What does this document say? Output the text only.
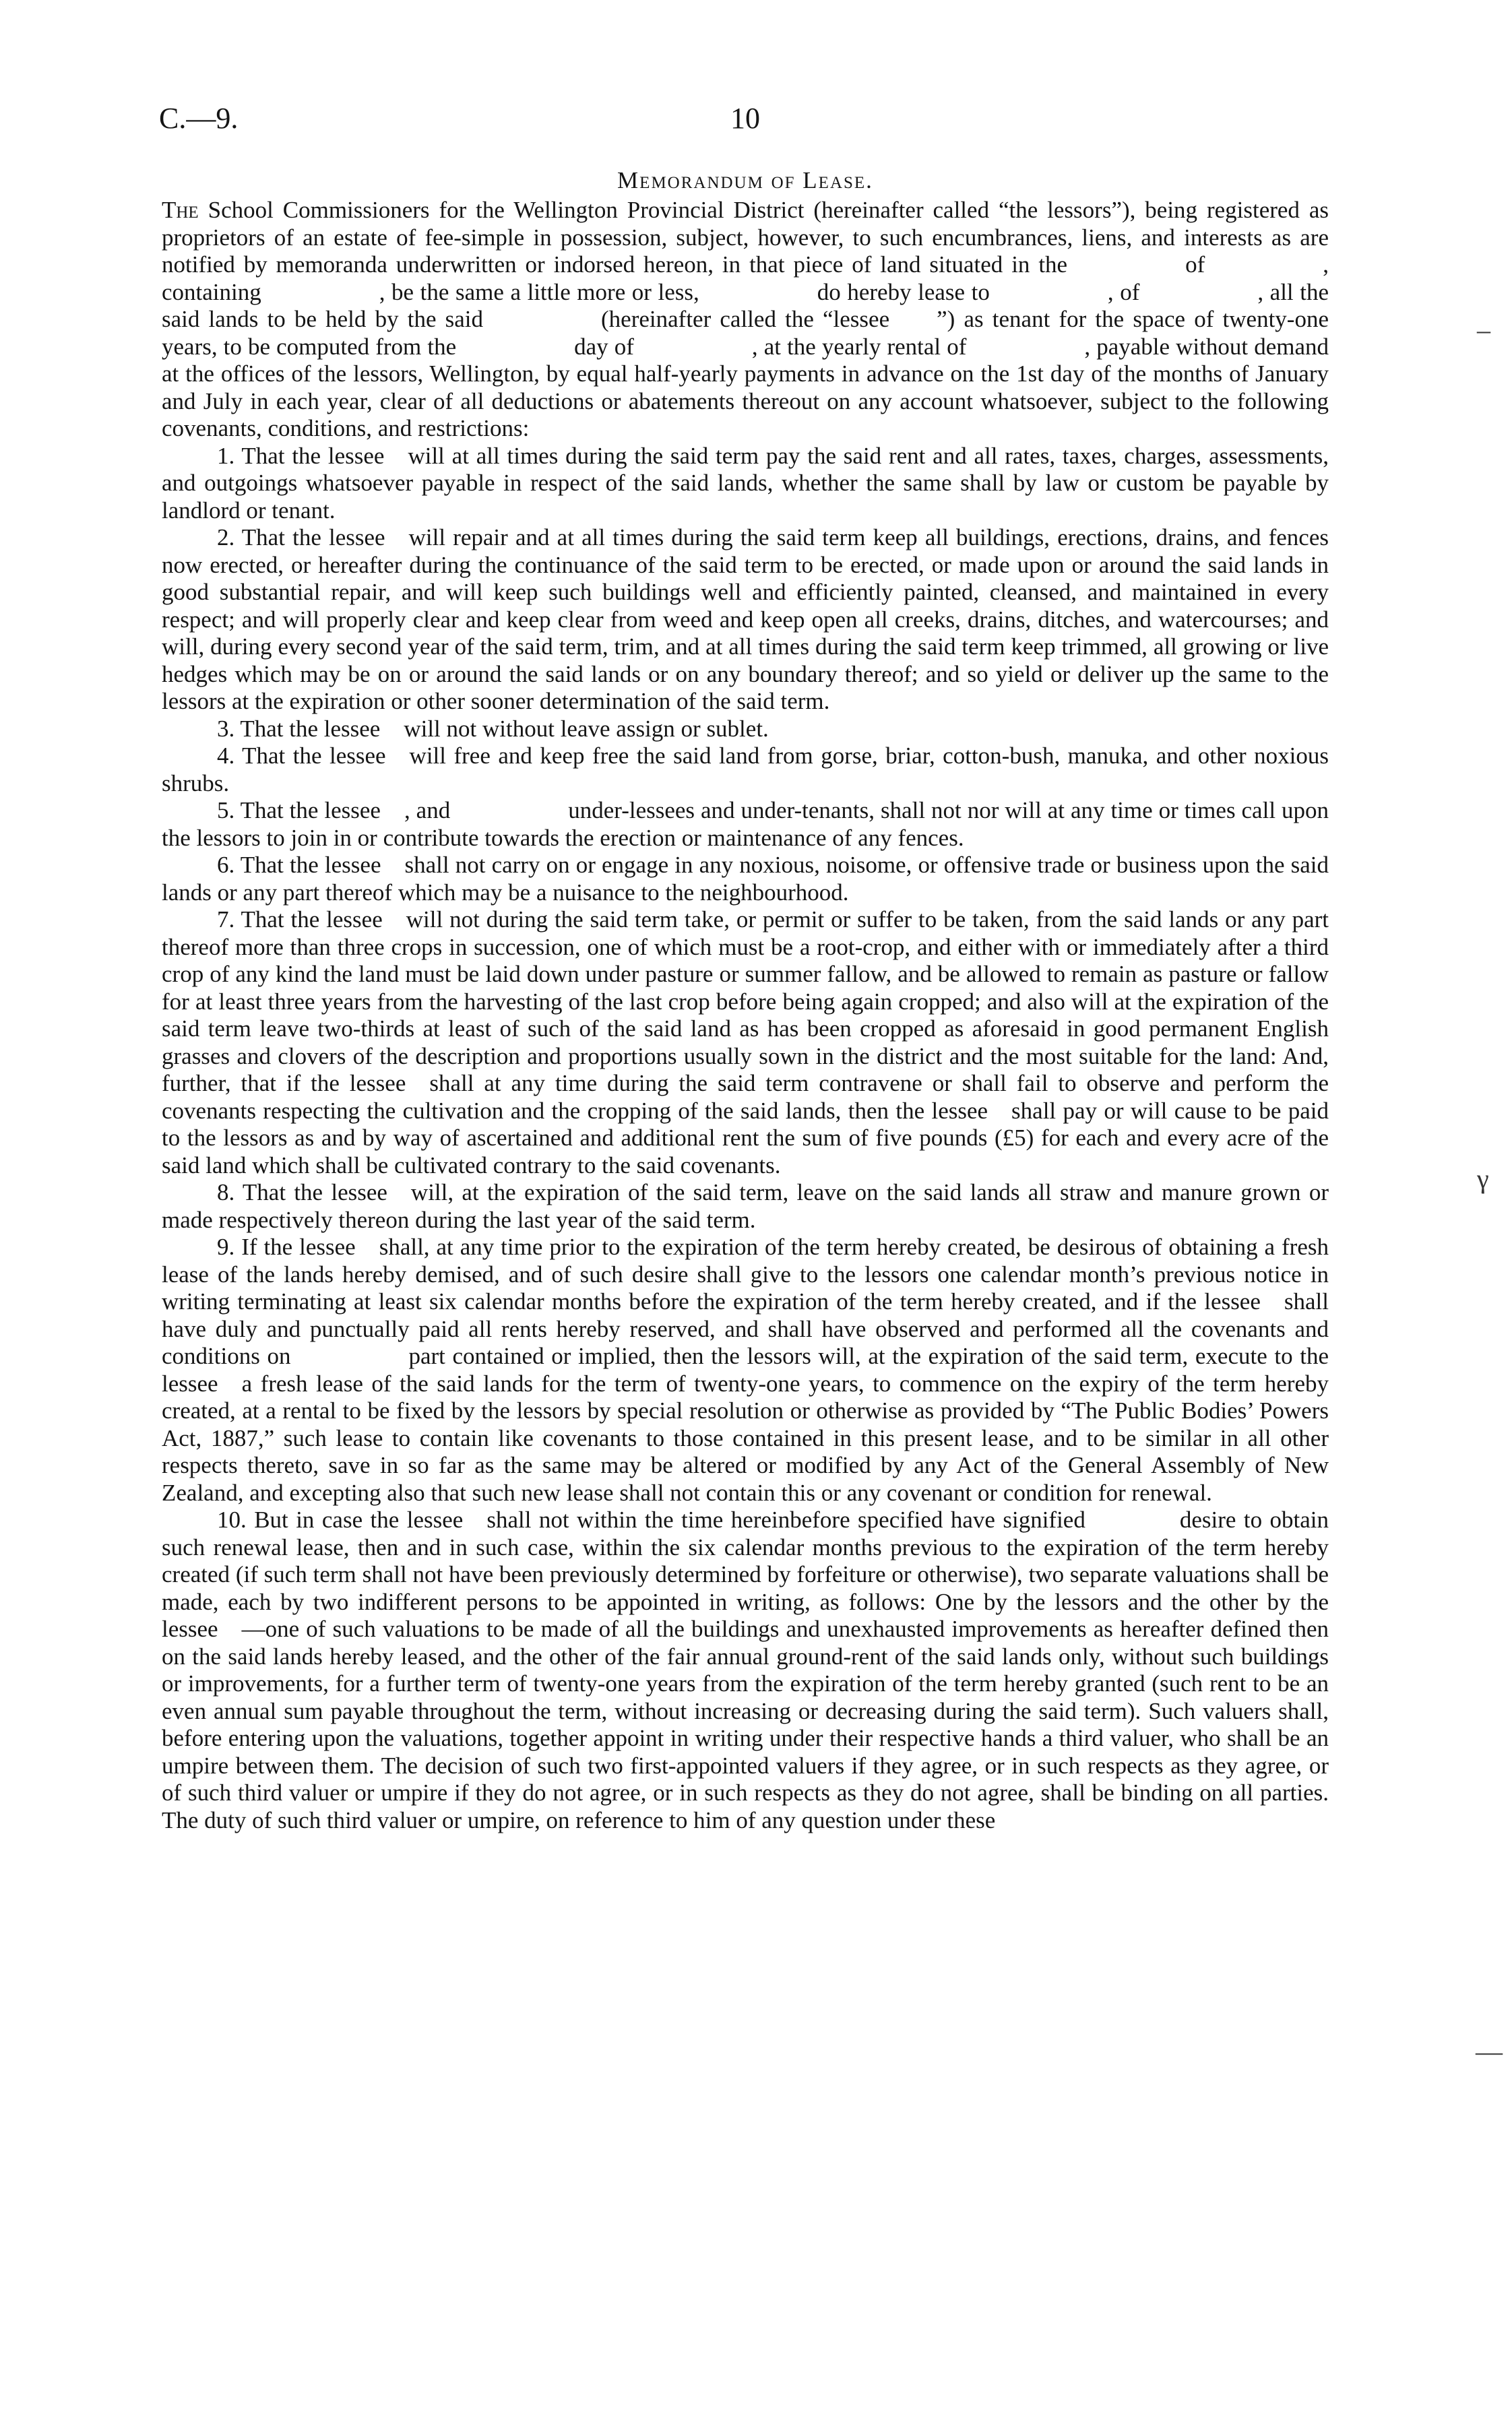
C.—9.	10
Memorandum of Lease.

The School Commissioners for the Wellington Provincial District (hereinafter called “the lessors”), being registered as proprietors of an estate of fee-simple in possession, subject, however, to such encumbrances, liens, and interests as are notified by memoranda underwritten or indorsed hereon, in that piece of land situated in the     of     , containing     , be the same a little more or less,     do hereby lease to     , of     , all the said lands to be held by the said     (hereinafter called the “lessee  ”) as tenant for the space of twenty-one years, to be computed from the     day of     , at the yearly rental of     , payable without demand at the offices of the lessors, Wellington, by equal half-yearly payments in advance on the 1st day of the months of January and July in each year, clear of all deductions or abatements thereout on any account whatsoever, subject to the following covenants, conditions, and restrictions:

1. That the lessee will at all times during the said term pay the said rent and all rates, taxes, charges, assessments, and outgoings whatsoever payable in respect of the said lands, whether the same shall by law or custom be payable by landlord or tenant.

2. That the lessee will repair and at all times during the said term keep all buildings, erections, drains, and fences now erected, or hereafter during the continuance of the said term to be erected, or made upon or around the said lands in good substantial repair, and will keep such buildings well and efficiently painted, cleansed, and maintained in every respect; and will properly clear and keep clear from weed and keep open all creeks, drains, ditches, and watercourses; and will, during every second year of the said term, trim, and at all times during the said term keep trimmed, all growing or live hedges which may be on or around the said lands or on any boundary thereof; and so yield or deliver up the same to the lessors at the expiration or other sooner determination of the said term.

3. That the lessee will not without leave assign or sublet.

4. That the lessee will free and keep free the said land from gorse, briar, cotton-bush, manuka, and other noxious shrubs.

5. That the lessee , and     under-lessees and under-tenants, shall not nor will at any time or times call upon the lessors to join in or contribute towards the erection or maintenance of any fences.

6. That the lessee shall not carry on or engage in any noxious, noisome, or offensive trade or business upon the said lands or any part thereof which may be a nuisance to the neighbourhood.

7. That the lessee will not during the said term take, or permit or suffer to be taken, from the said lands or any part thereof more than three crops in succession, one of which must be a root-crop, and either with or immediately after a third crop of any kind the land must be laid down under pasture or summer fallow, and be allowed to remain as pasture or fallow for at least three years from the harvesting of the last crop before being again cropped; and also will at the expiration of the said term leave two-thirds at least of such of the said land as has been cropped as aforesaid in good permanent English grasses and clovers of the description and proportions usually sown in the district and the most suitable for the land: And, further, that if the lessee shall at any time during the said term contravene or shall fail to observe and perform the covenants respecting the cultivation and the cropping of the said lands, then the lessee shall pay or will cause to be paid to the lessors as and by way of ascertained and additional rent the sum of five pounds (£5) for each and every acre of the said land which shall be cultivated contrary to the said covenants.

8. That the lessee will, at the expiration of the said term, leave on the said lands all straw and manure grown or made respectively thereon during the last year of the said term.

9. If the lessee shall, at any time prior to the expiration of the term hereby created, be desirous of obtaining a fresh lease of the lands hereby demised, and of such desire shall give to the lessors one calendar month’s previous notice in writing terminating at least six calendar months before the expiration of the term hereby created, and if the lessee shall have duly and punctually paid all rents hereby reserved, and shall have observed and performed all the covenants and conditions on     part contained or implied, then the lessors will, at the expiration of the said term, execute to the lessee a fresh lease of the said lands for the term of twenty-one years, to commence on the expiry of the term hereby created, at a rental to be fixed by the lessors by special resolution or otherwise as provided by “The Public Bodies’ Powers Act, 1887,” such lease to contain like covenants to those contained in this present lease, and to be similar in all other respects thereto, save in so far as the same may be altered or modified by any Act of the General Assembly of New Zealand, and excepting also that such new lease shall not contain this or any covenant or condition for renewal.

10. But in case the lessee shall not within the time hereinbefore specified have signified    desire to obtain such renewal lease, then and in such case, within the six calendar months previous to the expiration of the term hereby created (if such term shall not have been previously determined by forfeiture or otherwise), two separate valuations shall be made, each by two indifferent persons to be appointed in writing, as follows: One by the lessors and the other by the lessee —one of such valuations to be made of all the buildings and unexhausted improvements as hereafter defined then on the said lands hereby leased, and the other of the fair annual ground-rent of the said lands only, without such buildings or improvements, for a further term of twenty-one years from the expiration of the term hereby granted (such rent to be an even annual sum payable throughout the term, without increasing or decreasing during the said term). Such valuers shall, before entering upon the valuations, together appoint in writing under their respective hands a third valuer, who shall be an umpire between them. The decision of such two first-appointed valuers if they agree, or in such respects as they agree, or of such third valuer or umpire if they do not agree, or in such respects as they do not agree, shall be binding on all parties. The duty of such third valuer or umpire, on reference to him of any question under these

–
γ
—
